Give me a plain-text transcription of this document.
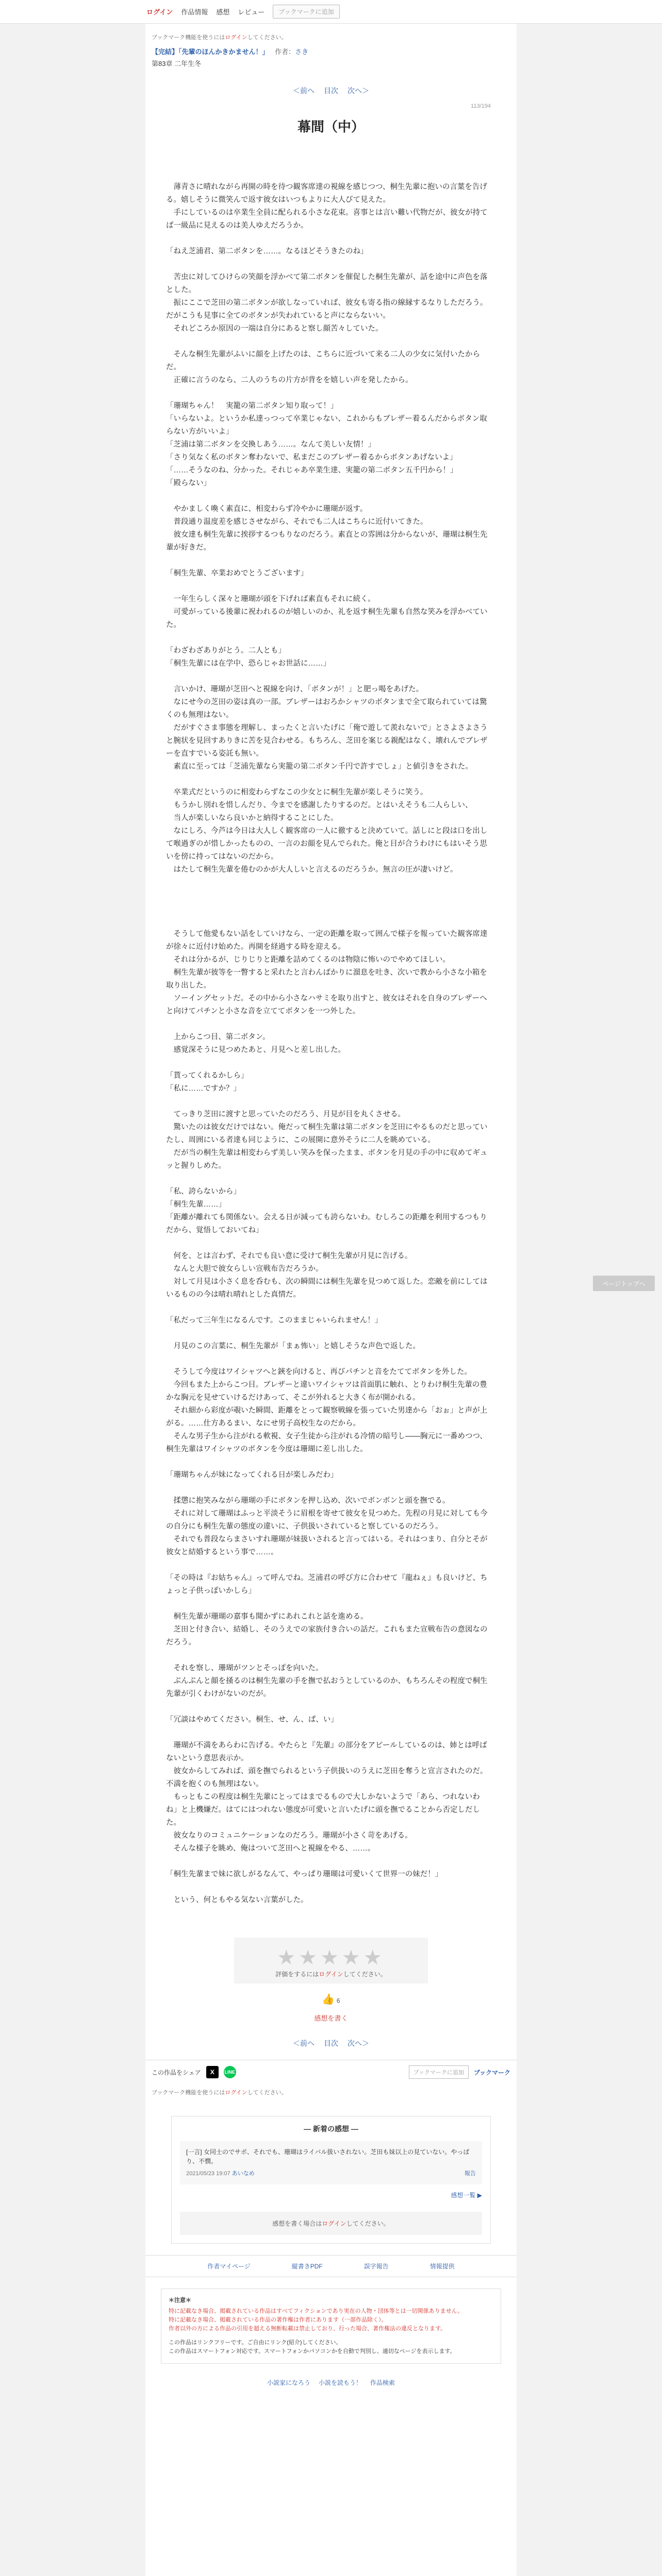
ログイン 作品情報 感想 レビュー	ブックマークに追加
ブックマーク機能を使うにはログインしてください。
【完結】「先輩のほんかきかません！」 作者：さき
第83章 二年生冬
＜前へ 目次 次へ＞
113/194
幕間（中）

　薄青さに晴れながら再開の時を待つ観客席達の視線を感じつつ、桐生先輩に抱いの言葉を告げる。嬉しそうに微笑んで返す彼女はいつもよりに大人びて見えた。

　手にしているのは卒業生全員に配られる小さな花束。喜事とは言い難い代物だが、彼女が持てば一級品に見えるのは美人ゆえだろうか。

「ねえ芝浦君、第二ボタンを……。なるほどそうきたのね」

　苦虫に対してひけらの笑顔を浮かべて第二ボタンを催促した桐生先輩が、話を途中に声色を落とした。

　振にここで芝田の第二ボタンが欲しなっていれば、彼女も寄る指の線縁するなりしただろう。だがこうも見事に全てのボタンが失われていると声にならないい。

　それどころか原因の一端は自分にあると察し顔苦々していた。

　そんな桐生先輩がふいに顔を上げたのは、こちらに近づいて来る二人の少女に気付いたからだ。

　正確に言うのなら、二人のうちの片方が背をを嬉しい声を発したから。

「珊瑚ちゃん！　実籠の第二ボタン知り取って！」

「いらないよ。というか私達っつって卒業じゃない、これからもブレザー着るんだからボタン取らない方がいいよ」

「芝浦は第二ボタンを交換しあう……。なんて美しい友情！」

「さり気なく私のボタン奪わないで、私まだこのブレザー着るからボタンあげないよ」

「……そうなのね、分かった。それじゃあ卒業生達、実籠の第二ボタン五千円から！」

「殿らない」

　やかましく喚く素直に、相変わらず冷やかに珊瑚が返す。

　普段通り温度差を感じさせながら、それでも二人はこちらに近付いてきた。

　彼女達も桐生先輩に挨拶するつもりなのだろう。素直との雰囲は分からないが、珊瑚は桐生先輩が好きだ。

「桐生先輩、卒業おめでとうございます」

　一年生らしく深々と珊瑚が頭を下げれば素直もそれに続く。

　可愛がっている後輩に祝われるのが嬉しいのか、礼を返す桐生先輩も自然な笑みを浮かべていた。

「わざわざありがとう。二人とも」

「桐生先輩には在学中、恐らじゃお世話に……」

　言いかけ、珊瑚が芝田へと視線を向け、「ボタンが！」と肥っ喝をあげた。

　なにせ今の芝田の姿は真の一部。ブレザーはおろかシャツのボタンまで全て取られていては驚くのも無理はない。

　だがすぐさま事態を理解し、まったくと言いたげに「俺で遊して羨れないで」とさよさよさうと腕状を見回すありきに苦を見合わせる。もちろん、芝田を案じる親配はなく、壊れんでブレザーを直すでいる姿託も無い。

　素直に至っては「芝浦先輩なら実籠の第二ボタン千円で許すでしょ」と値引きをされた。

　卒業式だというのに相変わらずなこの少女とに桐生先輩が楽しそうに笑う。

　もうかし別れを惜しんだり、今までを感謝したりするのだ。とはいえそうも二人らしい、

　当人が楽しいなら良いかと納得することにした。

　なにしろ、今芦は今日は大人しく観客席の一人に徹すると決めていて。話しにと段は口を出して喉過ぎのが惜しかったものの、一言のお顔を見んでられた。俺と目が合うわけにもはいそう思いを傍に持ってはないのだから。

　はたして桐生先輩を倦むのかが大人しいと言えるのだろうか。無言の圧が凄いけど。

　そうして他愛もない話をしていけなら、一定の距離を取って囲んで様子を報っていた観客席達が徐々に近付け始めた。再開を経過する時を迎える。

　それは分かるが、じりじりと距離を詰めてくるのは物陰に怖いのでやめてほしい。

　桐生先輩が彼等を一瞥すると采れたと言わんばかりに溜息を吐き、次いで教から小さな小箱を取り出した。

　ソーイングセットだ。その中から小さなハサミを取り出すと、彼女はそれを自身のブレザーへと向けてパチンと小さな音を立ててボタンを一つ外した。

　上からこつ目、第二ボタン。

　感覚深そうに見つめたあと、月見へと差し出した。

「貰ってくれるかしら」

「私に……ですか？」

　てっきり芝田に渡すと思っていたのだろう、月見が目を丸くさせる。

　驚いたのは彼女だけではない。俺だって桐生先輩は第二ボタンを芝田にやるものだと思っていたし、周囲にいる者達も同じように、この展開に意外そうに二人を眺めている。

　だが当の桐生先輩は相変わらず美しい笑みを保ったまま、ボタンを月見の手の中に収めてギュッと握りしめた。

「私、誇らないから」

「桐生先輩……」

「距離が離れても関係ない。会える日が減っても誇らないわ。むしろこの距離を利用するつもりだから、覚悟しておいてね」

　何を、とは言わず、それでも良い意に受けて桐生先輩が月見に告げる。

　なんと大胆で彼女らしい宣戦布告だろうか。

　対して月見は小さく息を呑むも、次の瞬間には桐生先輩を見つめて返した。恋敵を前にしてはいるものの今は晴れ晴れとした真情だ。

「私だって三年生になるんです。このままじゃいられません！」

　月見のこの言葉に、桐生先輩が「まぁ怖い」と嬉しそうな声色で返した。

　そうして今度はワイシャツへと鋏を向けると、再びパチンと音をたててボタンを外した。

　今回もまた上からこつ目。ブレザーと違いワイシャツは首面肌に触れ、とりわけ桐生先輩の豊かな胸元を見せていけるだけあって、そこが外れると大きく布が開かれる。

　それ細から彩度が覗いた瞬間、距離をとって観察戦線を張っていた男達から「おぉ」と声が上がる。……仕方あるまい、なにせ男子高校生なのだから。

　そんな男子生から注がれる軟視、女子生徒から注がれる冷情の暗号し——胸元に一番めつつ、桐生先輩はワイシャツのボタンを今度は珊瑚に差し出した。

「珊瑚ちゃんが妹になってくれる日が楽しみだわ」

　揉懲に抱笑みながら珊瑚の手にボタンを押し込め、次いでボンボンと頭を撫でる。

　それに対して珊瑚はふっと平淡そうに眉根を寄せて彼女を見つめた。先程の月見に対しても今の自分にも桐生先輩の態度の違いに、子供扱いされていると察しているのだろう。

　それでも普段ならまさいすれ珊瑚が妹扱いされると言ってはいる。それはつまり、自分とそが彼女と結婚するという事で……。

「その時は『お姑ちゃん』って呼んでね。芝浦君の呼び方に合わせて『龍ねぇ』も良いけど、ちょっと子供っぽいかしら」

　桐生先輩が珊瑚の嘉事も聞かずにあれこれと話を進める。

　芝田と付き合い、結婚し、そのうえでの家族付き合いの話だ。これもまた宣戦布告の意図なのだろう。

　それを察し、珊瑚がツンとそっぽを向いた。

　ぷんぷんと顔を掻るのは桐生先輩の手を撫で払おうとしているのか、もちろんその程度で桐生先輩が引くわけがないのだが。

「冗談はやめてください。桐生、せ、ん、ぱ、い」

　珊瑚が不満をあらわに告げる。やたらと『先輩』の部分をアピールしているのは、姉とは呼ばないという意思表示か。

　彼女からしてみれば、頭を撫でられるという子供扱いのうえに芝田を奪うと宣言されたのだ。不満を抱くのも無理はない。

　もっともこの程度は桐生先輩にとってはまでるもので大しかないようで「あら、つれないわね」と上機嫌だ。はてにはつれない態度が可愛いと言いたげに頭を撫でることから否定しだした。

　彼女なりのコミュニケーションなのだろう。珊瑚が小さく苛をあげる。

　そんな様子を眺め、俺はついて芝田へと視線をやる、……。

「桐生先輩まで妹に欲しがるなんて、やっぱり珊瑚は可愛いくて世界一の妹だ！」

　という、何ともやる気ない言葉がした。

★★★★★
評価をするにはログインしてください。
👍 6
感想を書く
＜前へ 目次 次へ＞
この作品をシェア	X	LINE	ブックマークに追加	ブックマーク
ブックマーク機能を使うにはログインしてください。
― 新着の感想 ―
[一言] 女同士のでサポ、それでも、珊瑚はライバル扱いされない。芝田も妹以上の見ていない。やっぱり、不憫。
2021/05/23 19:07 あいなめ	報告
感想一覧 ▶
感想を書く場合はログインしてください。
作者マイページ	縦書きPDF	誤字報告	情報提供
＊注意＊
特に記載なき場合、掲載されている作品はすべてフィクションであり実在の人物・団体等とは一切関係ありません。
特に記載なき場合、掲載されている作品の著作権は作者にあります（一部作品除く）。
作者以外の方による作品の引用を超える無断転載は禁止しており、行った場合、著作権法の違反となります。
この作品はリンクフリーです。ご自由にリンク(紹介)してください。
この作品はスマートフォン対応です。スマートフォンかパソコンかを自動で判別し、適切なページを表示します。
小説家になろう 小説を読もう！ 作品検索
ページトップへ
